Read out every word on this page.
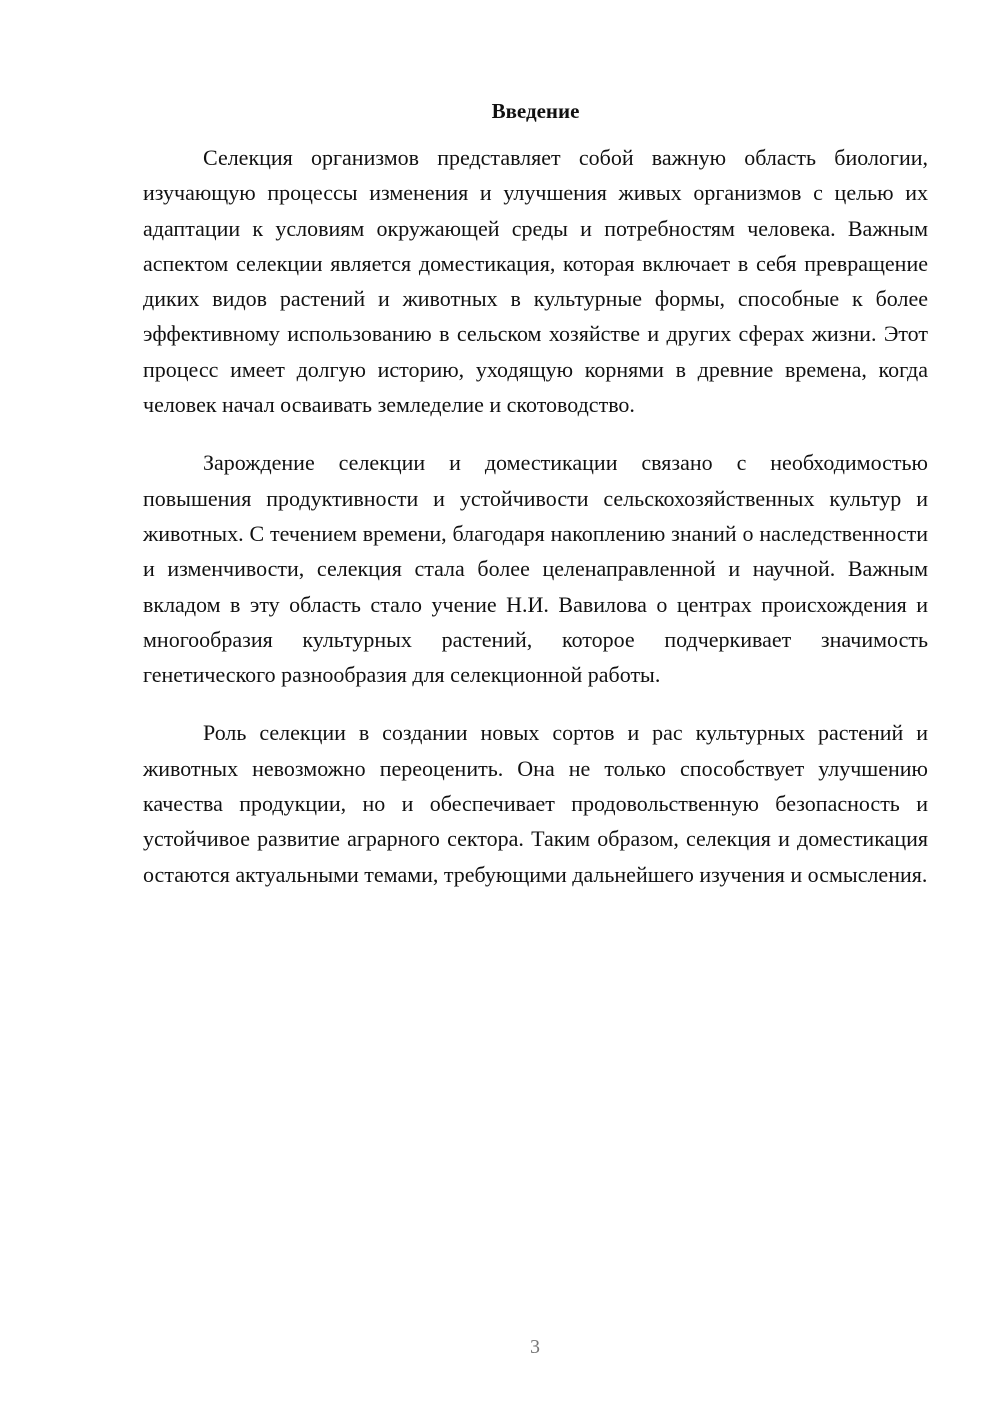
Введение

Селекция организмов представляет собой важную область биологии, изучающую процессы изменения и улучшения живых организмов с целью их адаптации к условиям окружающей среды и потребностям человека. Важным аспектом селекции является доместикация, которая включает в себя превращение диких видов растений и животных в культурные формы, способные к более эффективному использованию в сельском хозяйстве и других сферах жизни. Этот процесс имеет долгую историю, уходящую корнями в древние времена, когда человек начал осваивать земледелие и скотоводство.

Зарождение селекции и доместикации связано с необходимостью повышения продуктивности и устойчивости сельскохозяйственных культур и животных. С течением времени, благодаря накоплению знаний о наследственности и изменчивости, селекция стала более целенаправленной и научной. Важным вкладом в эту область стало учение Н.И. Вавилова о центрах происхождения и многообразия культурных растений, которое подчеркивает значимость генетического разнообразия для селекционной работы.

Роль селекции в создании новых сортов и рас культурных растений и животных невозможно переоценить. Она не только способствует улучшению качества продукции, но и обеспечивает продовольственную безопасность и устойчивое развитие аграрного сектора. Таким образом, селекция и доместикация остаются актуальными темами, требующими дальнейшего изучения и осмысления.

3
